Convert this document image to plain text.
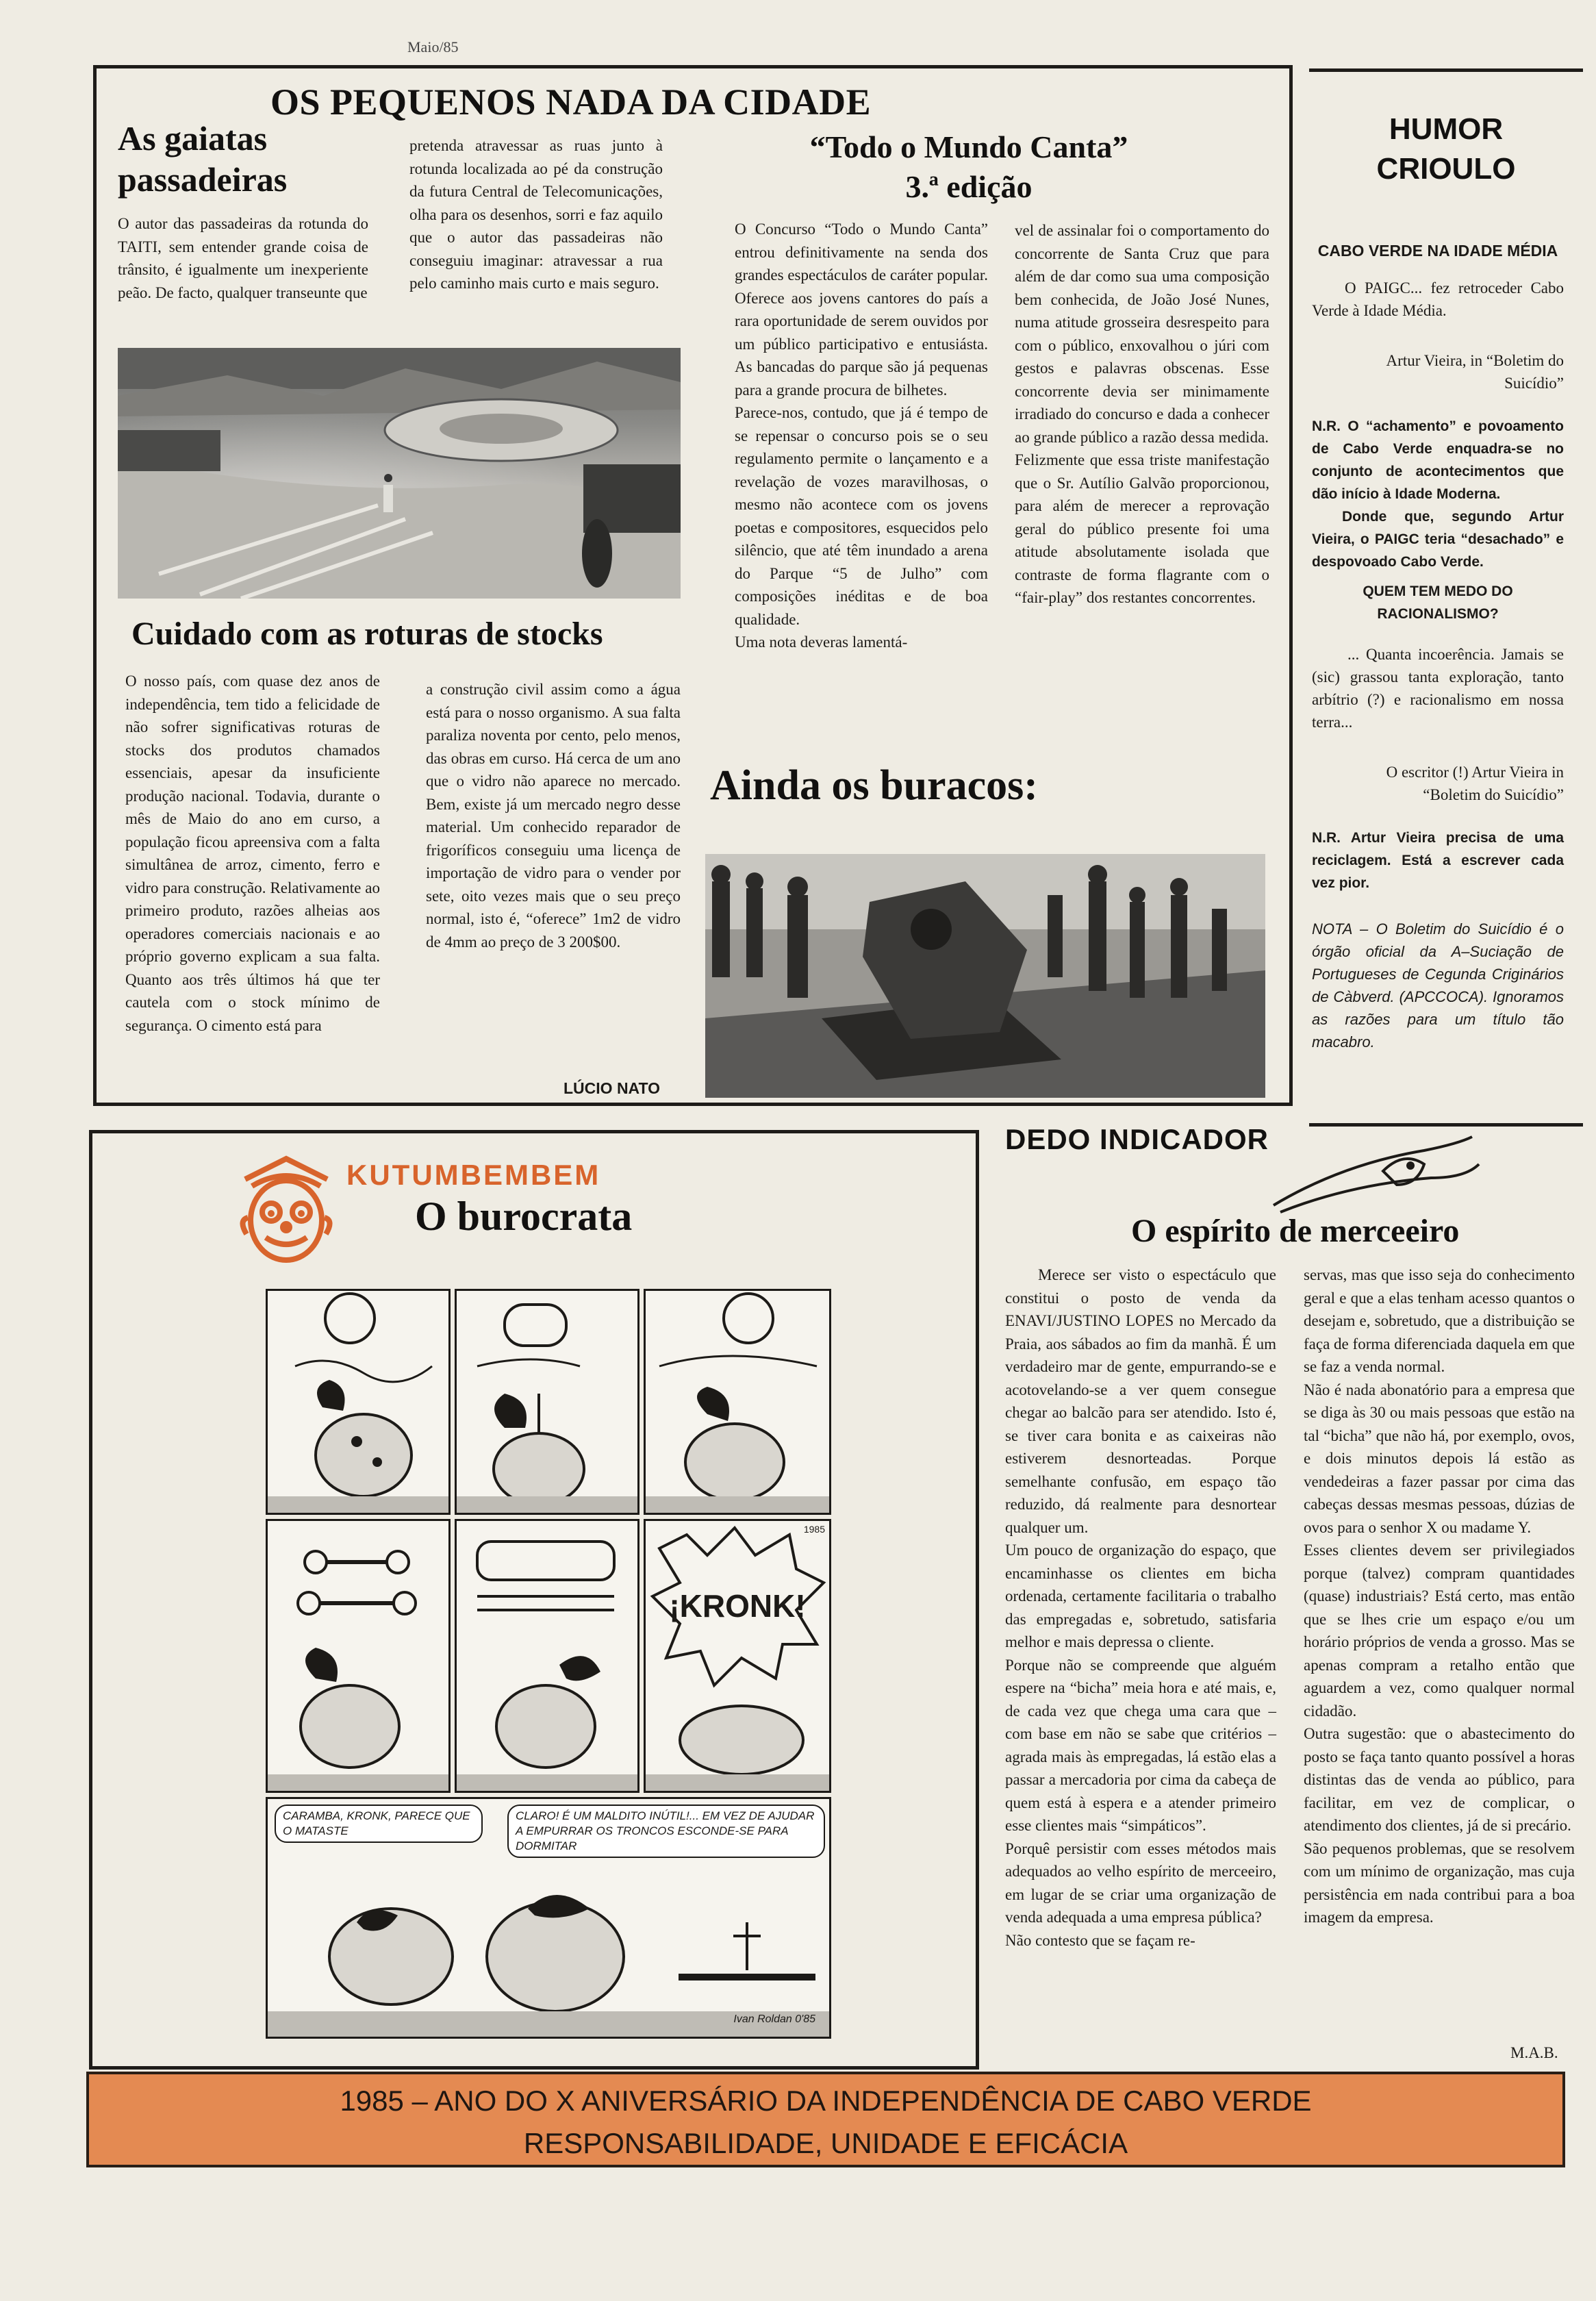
Maio/85
OS PEQUENOS NADA DA CIDADE
As gaiatas
passadeiras
O autor das passadeiras da rotunda do TAITI, sem entender grande coisa de trânsito, é igualmente um inexperiente peão. De facto, qualquer transeunte que
pretenda atravessar as ruas junto à rotunda localizada ao pé da construção da futura Central de Telecomunicações, olha para os desenhos, sorri e faz aquilo que o autor das passadeiras não conseguiu imaginar: atravessar a rua pelo caminho mais curto e mais seguro.
“Todo o Mundo Canta”
3.ª edição
O Concurso “Todo o Mundo Canta” entrou definitivamente na senda dos grandes espectáculos de caráter popular. Oferece aos jovens cantores do país a rara oportunidade de serem ouvidos por um público participativo e entusiásta. As bancadas do parque são já pequenas para a grande procura de bilhetes.
Parece-nos, contudo, que já é tempo de se repensar o concurso pois se o seu regulamento permite o lançamento e a revelação de vozes maravilhosas, o mesmo não acontece com os jovens poetas e compositores, esquecidos pelo silêncio, que até têm inundado a arena do Parque “5 de Julho” com composições inéditas e de boa qualidade.
Uma nota deveras lamentá-
vel de assinalar foi o comportamento do concorrente de Santa Cruz que para além de dar como sua uma composição bem conhecida, de João José Nunes, numa atitude grosseira desrespeito para com o público, enxovalhou o júri com gestos e palavras obscenas. Esse concorrente devia ser minimamente irradiado do concurso e dada a conhecer ao grande público a razão dessa medida.
Felizmente que essa triste manifestação que o Sr. Autílio Galvão proporcionou, para além de merecer a reprovação geral do público presente foi uma atitude absolutamente isolada que contraste de forma flagrante com o “fair-play” dos restantes concorrentes.
Cuidado com as roturas de stocks
O nosso país, com quase dez anos de independência, tem tido a felicidade de não sofrer significativas roturas de stocks dos produtos chamados essenciais, apesar da insuficiente produção nacional. Todavia, durante o mês de Maio do ano em curso, a população ficou apreensiva com a falta simultânea de arroz, cimento, ferro e vidro para construção. Relativamente ao primeiro produto, razões alheias aos operadores comerciais nacionais e ao próprio governo explicam a sua falta. Quanto aos três últimos há que ter cautela com o stock mínimo de segurança. O cimento está para
a construção civil assim como a água está para o nosso organismo. A sua falta paraliza noventa por cento, pelo menos, das obras em curso. Há cerca de um ano que o vidro não aparece no mercado. Bem, existe já um mercado negro desse material. Um conhecido reparador de frigoríficos conseguiu uma licença de importação de vidro para o vender por sete, oito vezes mais que o seu preço normal, isto é, “oferece” 1m2 de vidro de 4mm ao preço de 3 200$00.
LÚCIO NATO
Ainda os buracos:
HUMOR
CRIOULO

CABO VERDE NA IDADE MÉDIA

O PAIGC... fez retroceder Cabo Verde à Idade Média.

Artur Vieira, in “Boletim do Suicídio”

N.R. O “achamento” e povoamento de Cabo Verde enquadra-se no conjunto de acontecimentos que dão início à Idade Moderna.

Donde que, segundo Artur Vieira, o PAIGC teria “desachado” e despovoado Cabo Verde.

QUEM TEM MEDO DO RACIONALISMO?

... Quanta incoerência. Jamais se (sic) grassou tanta exploração, tanto arbítrio (?) e racionalismo em nossa terra...

O escritor (!) Artur Vieira in “Boletim do Suicídio”

N.R. Artur Vieira precisa de uma reciclagem. Está a escrever cada vez pior.

NOTA – O Boletim do Suicídio é o órgão oficial da A–Suciação de Portugueses de Cegunda Criginários de Càbverd. (APCCOCA). Ignoramos as razões para um título tão macabro.

KUTUMBEMBEM
O burocrata
¡KRONK!
1985
CARAMBA, KRONK, PARECE QUE O MATASTE
CLARO! É UM MALDITO INÚTIL!... EM VEZ DE AJUDAR A EMPURRAR OS TRONCOS ESCONDE-SE PARA DORMITAR
Ivan Roldan 0'85
DEDO INDICADOR
O espírito de merceeiro
Merece ser visto o espectáculo que constitui o posto de venda da ENAVI/JUSTINO LOPES no Mercado da Praia, aos sábados ao fim da manhã. É um verdadeiro mar de gente, empurrando-se e acotovelando-se a ver quem consegue chegar ao balcão para ser atendido. Isto é, se tiver cara bonita e as caixeiras não estiverem desnorteadas. Porque semelhante confusão, em espaço tão reduzido, dá realmente para desnortear qualquer um.
Um pouco de organização do espaço, que encaminhasse os clientes em bicha ordenada, certamente facilitaria o trabalho das empregadas e, sobretudo, satisfaria melhor e mais depressa o cliente.
Porque não se compreende que alguém espere na “bicha” meia hora e até mais, e, de cada vez que chega uma cara que – com base em não se sabe que critérios – agrada mais às empregadas, lá estão elas a passar a mercadoria por cima da cabeça de quem está à espera e a atender primeiro esse clientes mais “simpáticos”.
Porquê persistir com esses métodos mais adequados ao velho espírito de merceeiro, em lugar de se criar uma organização de venda adequada a uma empresa pública?
Não contesto que se façam re-
servas, mas que isso seja do conhecimento geral e que a elas tenham acesso quantos o desejam e, sobretudo, que a distribuição se faça de forma diferenciada daquela em que se faz a venda normal.
Não é nada abonatório para a empresa que se diga às 30 ou mais pessoas que estão na tal “bicha” que não há, por exemplo, ovos, e dois minutos depois lá estão as vendedeiras a fazer passar por cima das cabeças dessas mesmas pessoas, dúzias de ovos para o senhor X ou madame Y.
Esses clientes devem ser privilegiados porque (talvez) compram quantidades (quase) industriais? Está certo, mas então que se lhes crie um espaço e/ou um horário próprios de venda a grosso. Mas se apenas compram a retalho então que aguardem a vez, como qualquer normal cidadão.
Outra sugestão: que o abastecimento do posto se faça tanto quanto possível a horas distintas das de venda ao público, para facilitar, em vez de complicar, o atendimento dos clientes, já de si precário.
São pequenos problemas, que se resolvem com um mínimo de organização, mas cuja persistência em nada contribui para a boa imagem da empresa.
M.A.B.
1985 – ANO DO X ANIVERSÁRIO DA INDEPENDÊNCIA DE CABO VERDE
RESPONSABILIDADE, UNIDADE E EFICÁCIA
